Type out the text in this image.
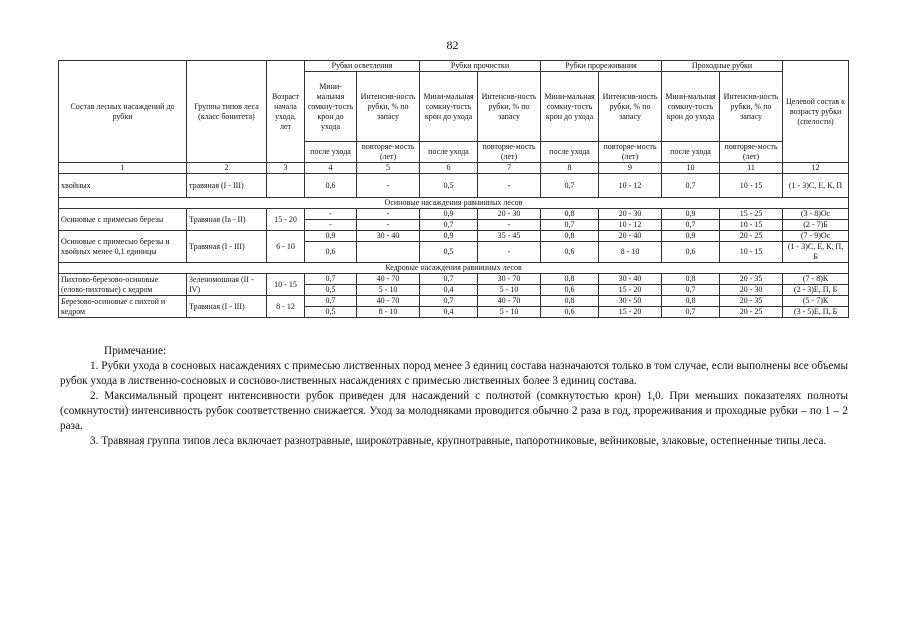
82
Состав лесных насаждений до рубки	Группы типов леса (класс бонитета)	Возраст начала ухода, лет	Рубки осветления		Рубки прочистки		Рубки прореживания		Проходные рубки		Целевой состав к возрасту рубки (спелости)
			Мини-мальная сомкну-тость крон до ухода	Интенсив-ность рубки, % по запасу	Мини-мальная сомкну-тость крон до ухода	Интенсив-ность рубки, % по запасу	Мини-мальная сомкну-тость крон до ухода	Интенсив-ность рубки, % по запасу	Мини-мальная сомкну-тость крон до ухода	Интенсив-ность рубки, % по запасу	
			после ухода	повторяе-мость (лет)	после ухода	повторяе-мость (лет)	после ухода	повторяе-мость (лет)	после ухода	повторяе-мость (лет)	
1	2	3	4	5	6	7	8	9	10	11	12
хвойных	травяная (I - III)		0,6	-	0,5	-	0,7	10 - 12	0,7	10 - 15	(1 - 3)С, Е, К, П
Осиновые насаждения равнинных лесов											
Осиновые с примесью березы	Травяная (Ia - II)	15 - 20	-	-	0,9	20 - 30	0,8	20 - 30	0,9	15 - 25	(3 - 8)Ос
			-	-	0,7	-	0,7	10 - 12	0,7	10 - 15	(2 - 7)Б
Осиновые с примесью березы и хвойных менее 0,1 единицы	Травяная (I - III)	6 - 10	0,9	30 - 40	0,9	35 - 45	0,8	20 - 40	0,9	20 - 25	(7 - 9)Ос
			0,6		0,5	-	0,6	8 - 10	0,6	10 - 15	(1 - 3)С, Е, К, П, Б
Кедровые насаждения равнинных лесов											
Пихтово-березово-осиновые (елово-пихтовые) с кедром	Зеленомошная (II - IV)	10 - 15	0,7	40 - 70	0,7	30 - 70	0,8	30 - 40	0,8	20 - 35	(7 - 8)К
			0,5	5 - 10	0,4	5 - 10	0,6	15 - 20	0,7	20 - 30	(2 - 3)Е, П, Б
Березово-осиновые с пихтой и кедром	Травяная (I - III)	8 - 12	0,7	40 - 70	0,7	40 - 70	0,8	30 - 50	0,8	20 - 35	(5 - 7)К
			0,5	8 - 10	0,4	5 - 10	0,6	15 - 20	0,7	20 - 25	(3 - 5)Е, П, Б

Примечание:

1. Рубки ухода в сосновых насаждениях с примесью лиственных пород менее 3 единиц состава назначаются только в том случае, если выполнены все объемы рубок ухода в лиственно-сосновых и сосново-лиственных насаждениях с примесью лиственных более 3 единиц состава.

2. Максимальный процент интенсивности рубок приведен для насаждений с полнотой (сомкнутостью крон) 1,0. При меньших показателях полноты (сомкнутости) интенсивность рубок соответственно снижается. Уход за молодняками проводится обычно 2 раза в год, прореживания и проходные рубки – по 1 – 2 раза.

3. Травяная группа типов леса включает разнотравные, широкотравные, крупнотравные, папоротниковые, вейниковые, злаковые, остепненные типы леса.
